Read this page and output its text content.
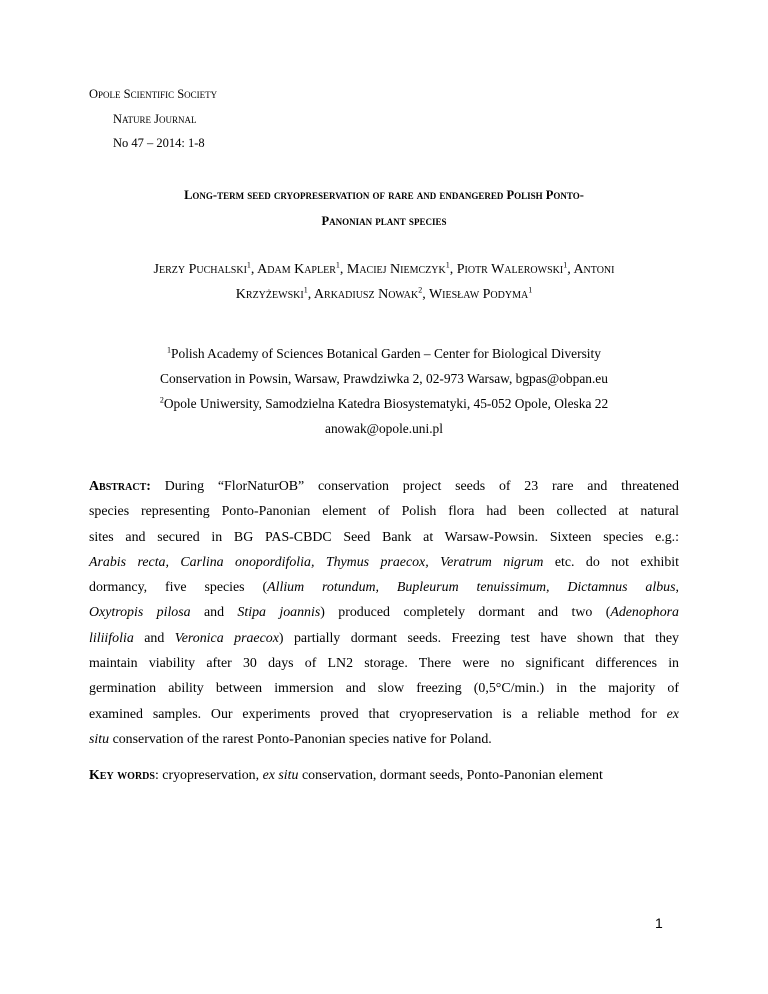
Opole Scientific Society
Nature Journal
No 47 – 2014: 1-8
Long-term seed cryopreservation of rare and endangered Polish Ponto-
Panonian plant species
Jerzy Puchalski$^1$, Adam Kapler$^1$, Maciej Niemczyk$^1$, Piotr Walerowski$^1$, Antoni
Krzyżewski$^1$, Arkadiusz Nowak$^2$, Wiesław Podyma$^1$
$^1$Polish Academy of Sciences Botanical Garden – Center for Biological Diversity
Conservation in Powsin, Warsaw, Prawdziwka 2, 02-973 Warsaw, bgpas@obpan.eu
$^2$Opole Uniwersity, Samodzielna Katedra Biosystematyki, 45-052 Opole, Oleska 22
anowak@opole.uni.pl
Abstract: During “FlorNaturOB” conservation project seeds of 23 rare and threatened
species representing Ponto-Panonian element of Polish flora had been collected at natural
sites and secured in BG PAS-CBDC Seed Bank at Warsaw-Powsin. Sixteen species e.g.:
Arabis recta, Carlina onopordifolia, Thymus praecox, Veratrum nigrum etc. do not exhibit
dormancy, five species (Allium rotundum, Bupleurum tenuissimum, Dictamnus albus,
Oxytropis pilosa and Stipa joannis) produced completely dormant and two (Adenophora
liliifolia and Veronica praecox) partially dormant seeds. Freezing test have shown that they
maintain viability after 30 days of LN2 storage. There were no significant differences in
germination ability between immersion and slow freezing (0,5°C/min.) in the majority of
examined samples. Our experiments proved that cryopreservation is a reliable method for ex
situ conservation of the rarest Ponto-Panonian species native for Poland.
Key words: cryopreservation, ex situ conservation, dormant seeds, Ponto-Panonian element
1
